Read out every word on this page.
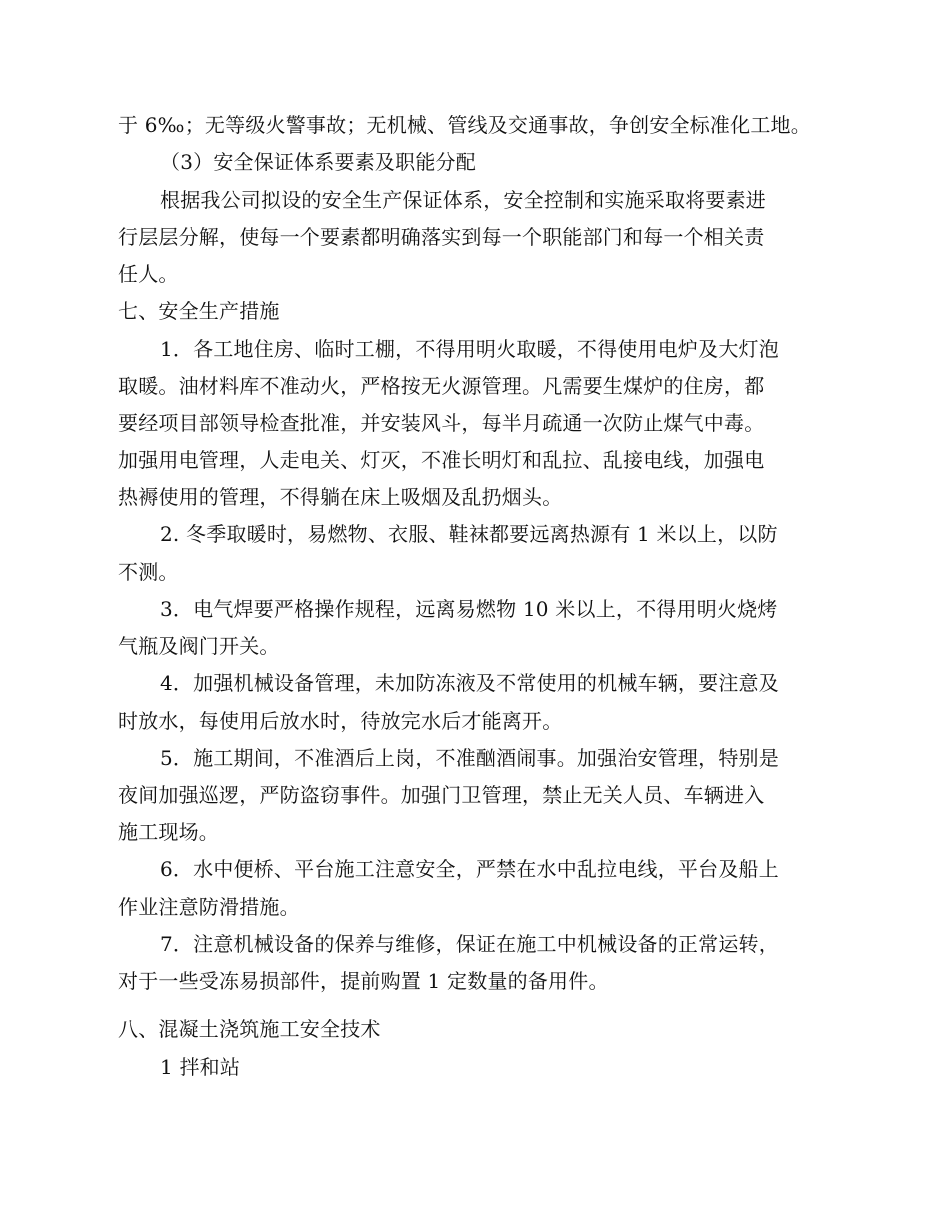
于 6‰；无等级火警事故；无机械、管线及交通事故，争创安全标准化工地。
（3）安全保证体系要素及职能分配
根据我公司拟设的安全生产保证体系，安全控制和实施采取将要素进
行层层分解，使每一个要素都明确落实到每一个职能部门和每一个相关责
任人。
七、安全生产措施
1．各工地住房、临时工棚，不得用明火取暖，不得使用电炉及大灯泡
取暖。油材料库不准动火，严格按无火源管理。凡需要生煤炉的住房，都
要经项目部领导检查批准，并安装风斗，每半月疏通一次防止煤气中毒。
加强用电管理，人走电关、灯灭，不准长明灯和乱拉、乱接电线，加强电
热褥使用的管理，不得躺在床上吸烟及乱扔烟头。
2. 冬季取暖时，易燃物、衣服、鞋袜都要远离热源有 1 米以上，以防
不测。
3．电气焊要严格操作规程，远离易燃物 10 米以上，不得用明火烧烤
气瓶及阀门开关。
4．加强机械设备管理，未加防冻液及不常使用的机械车辆，要注意及
时放水，每使用后放水时，待放完水后才能离开。
5．施工期间，不准酒后上岗，不准酗酒闹事。加强治安管理，特别是
夜间加强巡逻，严防盗窃事件。加强门卫管理，禁止无关人员、车辆进入
施工现场。
6．水中便桥、平台施工注意安全，严禁在水中乱拉电线，平台及船上
作业注意防滑措施。
7．注意机械设备的保养与维修，保证在施工中机械设备的正常运转，
对于一些受冻易损部件，提前购置 1 定数量的备用件。
八、混凝土浇筑施工安全技术
1 拌和站
